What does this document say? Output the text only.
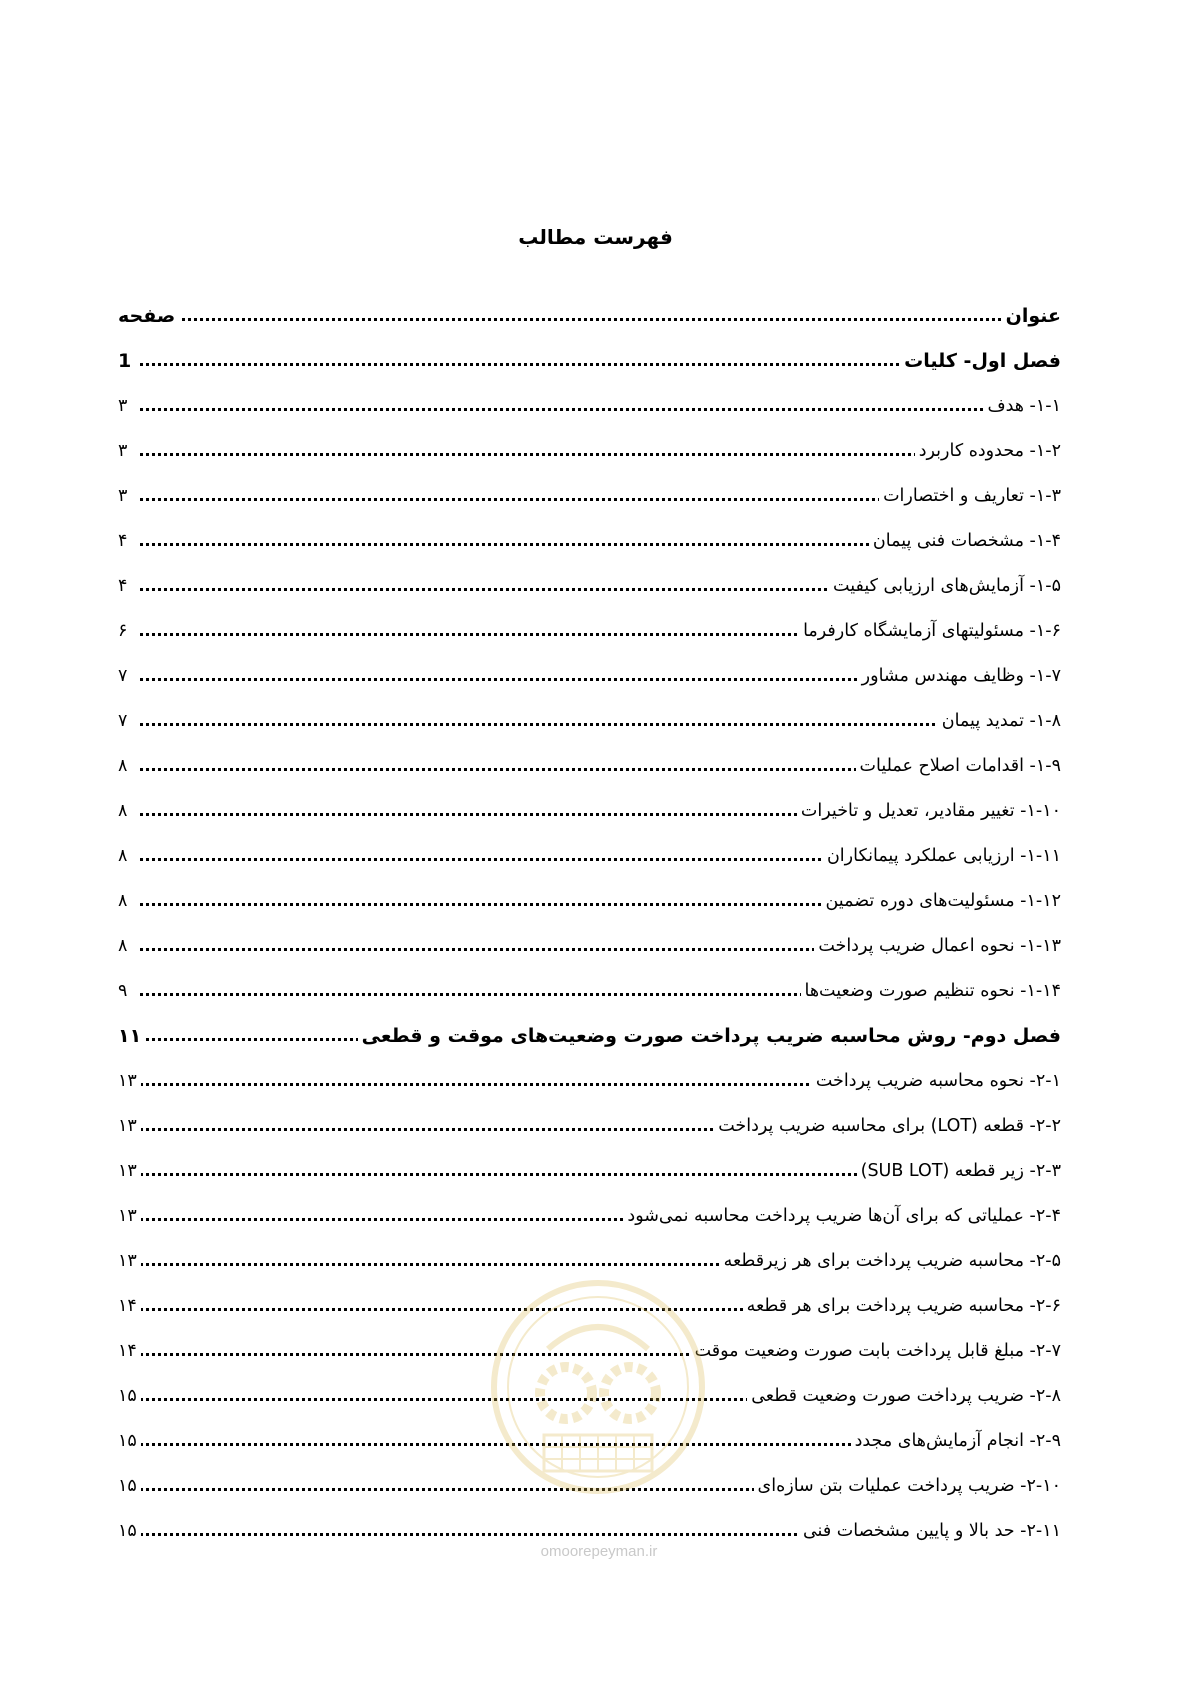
فهرست مطالب
عنوان
صفحه
فصل اول- كليات
1
۱-۱- هدف
۳
۱-۲- محدوده کاربرد
۳
۱-۳- تعاریف و اختصارات
۳
۱-۴- مشخصات فنی پیمان
۴
۱-۵- آزمایش‌های ارزیابی کیفیت
۴
۱-۶- مسئولیتهای آزمایشگاه کارفرما
۶
۱-۷- وظایف مهندس مشاور
۷
۱-۸- تمدید پیمان
۷
۱-۹- اقدامات اصلاح عملیات
۸
۱-۱۰- تغییر مقادیر، تعدیل و تاخیرات
۸
۱-۱۱- ارزیابی عملکرد پیمانکاران
۸
۱-۱۲- مسئولیت‌های دوره تضمین
۸
۱-۱۳- نحوه اعمال ضریب پرداخت
۸
۱-۱۴- نحوه تنظیم صورت وضعیت‌ها
۹
فصل دوم- روش محاسبه ضریب پرداخت صورت وضعیت‌های موقت و قطعی
۱۱
۲-۱- نحوه محاسبه ضریب پرداخت
۱۳
۲-۲- قطعه (LOT) برای محاسبه ضریب پرداخت
۱۳
۲-۳- زیر قطعه (SUB LOT)
۱۳
۲-۴- عملیاتی که برای آن‌ها ضریب پرداخت محاسبه نمی‌شود
۱۳
۲-۵- محاسبه ضریب پرداخت برای هر زیرقطعه
۱۳
۲-۶- محاسبه ضریب پرداخت برای هر قطعه
۱۴
۲-۷- مبلغ قابل پرداخت بابت صورت وضعیت موقت
۱۴
۲-۸- ضریب پرداخت صورت وضعیت قطعی
۱۵
۲-۹- انجام آزمایش‌های مجدد
۱۵
۲-۱۰- ضریب پرداخت عملیات بتن سازه‌ای
۱۵
۲-۱۱- حد بالا و پایین مشخصات فنی
۱۵
omoorepeyman.ir
